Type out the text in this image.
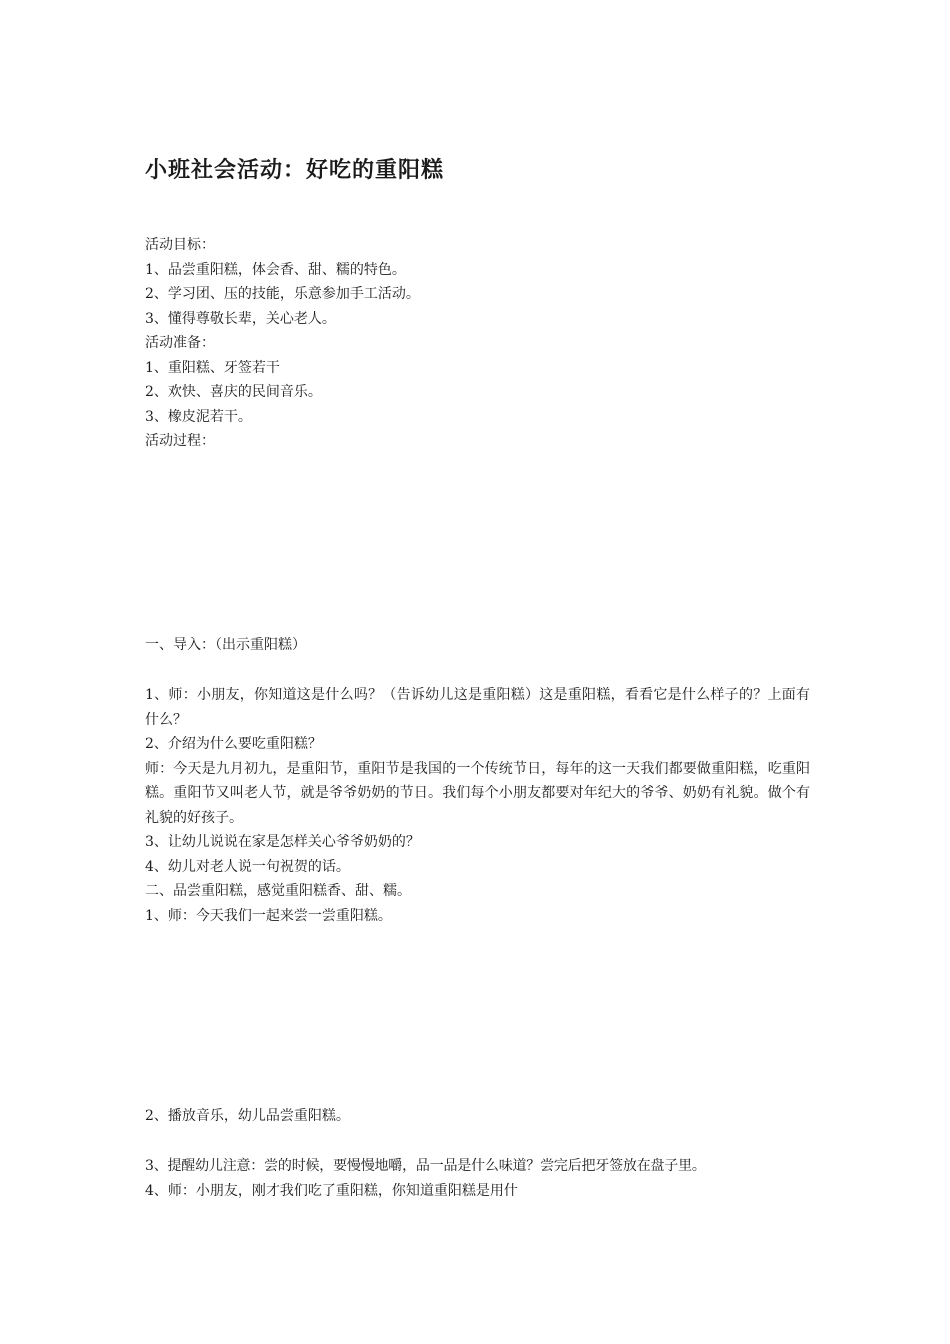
小班社会活动：好吃的重阳糕
活动目标：
1、品尝重阳糕，体会香、甜、糯的特色。
2、学习团、压的技能，乐意参加手工活动。
3、懂得尊敬长辈，关心老人。
活动准备：
1、重阳糕、牙签若干
2、欢快、喜庆的民间音乐。
3、橡皮泥若干。
活动过程：
一、导入：（出示重阳糕）
1、师：小朋友，你知道这是什么吗？（告诉幼儿这是重阳糕）这是重阳糕，看看它是什么样子的？上面有什么？
2、介绍为什么要吃重阳糕？
师：今天是九月初九，是重阳节，重阳节是我国的一个传统节日，每年的这一天我们都要做重阳糕，吃重阳糕。重阳节又叫老人节，就是爷爷奶奶的节日。我们每个小朋友都要对年纪大的爷爷、奶奶有礼貌。做个有礼貌的好孩子。
3、让幼儿说说在家是怎样关心爷爷奶奶的？
4、幼儿对老人说一句祝贺的话。
二、品尝重阳糕，感觉重阳糕香、甜、糯。
1、师：今天我们一起来尝一尝重阳糕。
2、播放音乐，幼儿品尝重阳糕。
3、提醒幼儿注意：尝的时候，要慢慢地嚼，品一品是什么味道？尝完后把牙签放在盘子里。
4、师：小朋友，刚才我们吃了重阳糕，你知道重阳糕是用什
